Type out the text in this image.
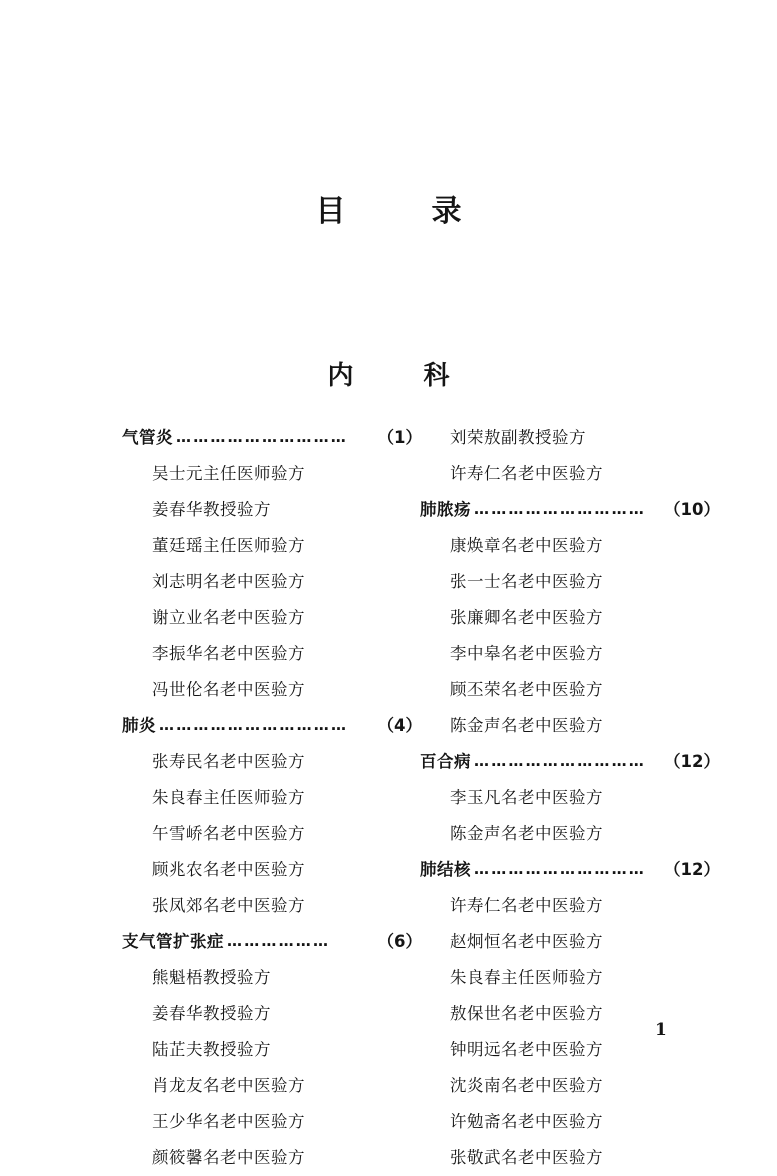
目　录
内　科
气管炎 …………………………	（1）
吴士元主任医师验方
姜春华教授验方
董廷瑶主任医师验方
刘志明名老中医验方
谢立业名老中医验方
李振华名老中医验方
冯世伦名老中医验方
肺炎 ……………………………	（4）
张寿民名老中医验方
朱良春主任医师验方
午雪峤名老中医验方
顾兆农名老中医验方
张凤郊名老中医验方
支气管扩张症 ………………	（6）
熊魁梧教授验方
姜春华教授验方
陆芷夫教授验方
肖龙友名老中医验方
王少华名老中医验方
颜筱馨名老中医验方
刘荣敖副教授验方
许寿仁名老中医验方
肺脓疡 …………………………	（10）
康焕章名老中医验方
张一士名老中医验方
张廉卿名老中医验方
李中皋名老中医验方
顾丕荣名老中医验方
陈金声名老中医验方
百合病 …………………………	（12）
李玉凡名老中医验方
陈金声名老中医验方
肺结核 …………………………	（12）
许寿仁名老中医验方
赵炯恒名老中医验方
朱良春主任医师验方
敖保世名老中医验方
钟明远名老中医验方
沈炎南名老中医验方
许勉斋名老中医验方
张敬武名老中医验方
1
